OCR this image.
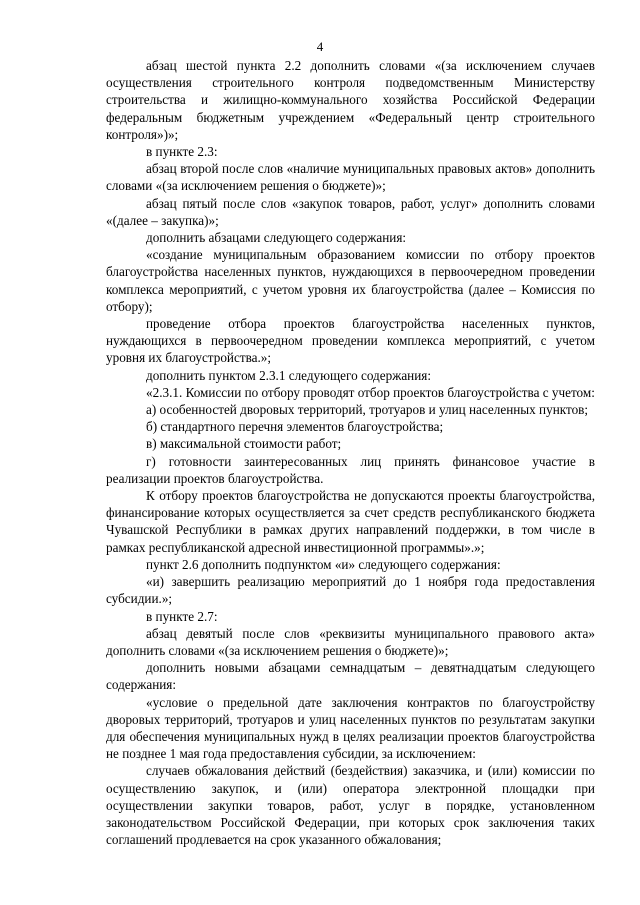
4

абзац шестой пункта 2.2 дополнить словами «(за исключением случаев осуществления строительного контроля подведомственным Министерству строительства и жилищно-коммунального хозяйства Российской Федерации федеральным бюджетным учреждением «Федеральный центр строительного контроля»)»;

в пункте 2.3:

абзац второй после слов «наличие муниципальных правовых актов» дополнить словами «(за исключением решения о бюджете)»;

абзац пятый после слов «закупок товаров, работ, услуг» дополнить словами «(далее – закупка)»;

дополнить абзацами следующего содержания:

«создание муниципальным образованием комиссии по отбору проектов благоустройства населенных пунктов, нуждающихся в первоочередном проведении комплекса мероприятий, с учетом уровня их благоустройства (далее – Комиссия по отбору);

проведение отбора проектов благоустройства населенных пунктов, нуждающихся в первоочередном проведении комплекса мероприятий, с учетом уровня их благоустройства.»;

дополнить пунктом 2.3.1 следующего содержания:

«2.3.1. Комиссии по отбору проводят отбор проектов благоустройства с учетом:

а) особенностей дворовых территорий, тротуаров и улиц населенных пунктов;

б) стандартного перечня элементов благоустройства;

в) максимальной стоимости работ;

г) готовности заинтересованных лиц принять финансовое участие в реализации проектов благоустройства.

К отбору проектов благоустройства не допускаются проекты благоустройства, финансирование которых осуществляется за счет средств республиканского бюджета Чувашской Республики в рамках других направлений поддержки, в том числе в рамках республиканской адресной инвестиционной программы».»;

пункт 2.6 дополнить подпунктом «и» следующего содержания:

«и) завершить реализацию мероприятий до 1 ноября года предоставления субсидии.»;

в пункте 2.7:

абзац девятый после слов «реквизиты муниципального правового акта» дополнить словами «(за исключением решения о бюджете)»;

дополнить новыми абзацами семнадцатым – девятнадцатым следующего содержания:

«условие о предельной дате заключения контрактов по благоустройству дворовых территорий, тротуаров и улиц населенных пунктов по результатам закупки для обеспечения муниципальных нужд в целях реализации проектов благоустройства не позднее 1 мая года предоставления субсидии, за исключением:

случаев обжалования действий (бездействия) заказчика, и (или) комиссии по осуществлению закупок, и (или) оператора электронной площадки при осуществлении закупки товаров, работ, услуг в порядке, установленном законодательством Российской Федерации, при которых срок заключения таких соглашений продлевается на срок указанного обжалования;
